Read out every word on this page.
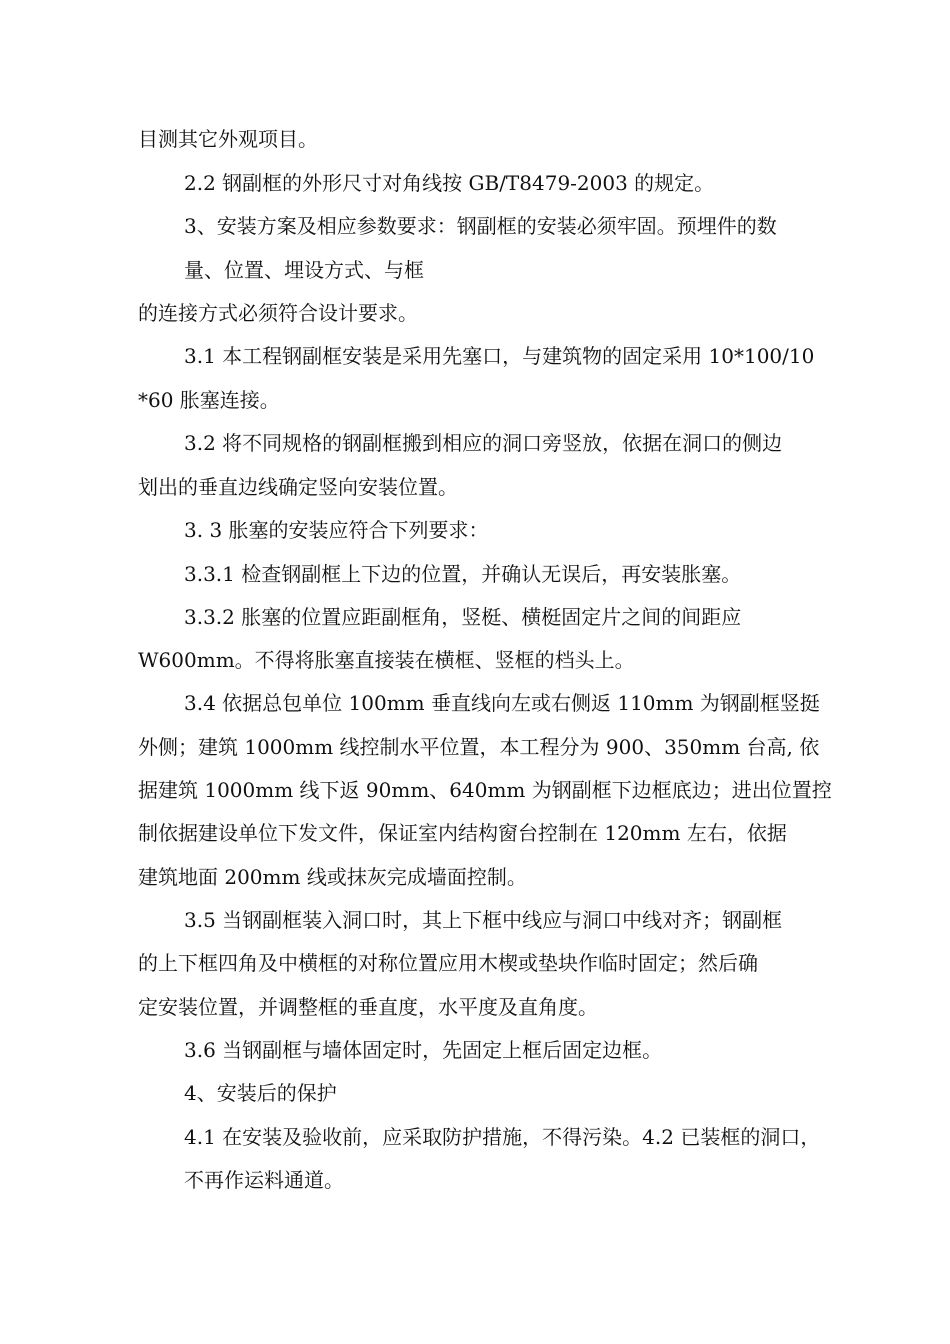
目测其它外观项目。
2.2 钢副框的外形尺寸对角线按 GB/T8479-2003 的规定。
3、安装方案及相应参数要求：钢副框的安装必须牢固。预埋件的数
量、位置、埋设方式、与框
的连接方式必须符合设计要求。
3.1 本工程钢副框安装是采用先塞口，与建筑物的固定采用 10*100/10
*60 胀塞连接。
3.2 将不同规格的钢副框搬到相应的洞口旁竖放，依据在洞口的侧边
划出的垂直边线确定竖向安装位置。
3. 3 胀塞的安装应符合下列要求：
3.3.1 检查钢副框上下边的位置，并确认无误后，再安装胀塞。
3.3.2 胀塞的位置应距副框角，竖梃、横梃固定片之间的间距应
W600mm。不得将胀塞直接装在横框、竖框的档头上。
3.4 依据总包单位 100mm 垂直线向左或右侧返 110mm 为钢副框竖挺
外侧；建筑 1000mm 线控制水平位置，本工程分为 900、350mm 台高, 依
据建筑 1000mm 线下返 90mm、640mm 为钢副框下边框底边；进出位置控
制依据建设单位下发文件，保证室内结构窗台控制在 120mm 左右，依据
建筑地面 200mm 线或抹灰完成墙面控制。
3.5 当钢副框装入洞口时，其上下框中线应与洞口中线对齐；钢副框
的上下框四角及中横框的对称位置应用木楔或垫块作临时固定；然后确
定安装位置，并调整框的垂直度，水平度及直角度。
3.6 当钢副框与墙体固定时，先固定上框后固定边框。
4、安装后的保护
4.1 在安装及验收前，应采取防护措施，不得污染。4.2 已装框的洞口，
不再作运料通道。
